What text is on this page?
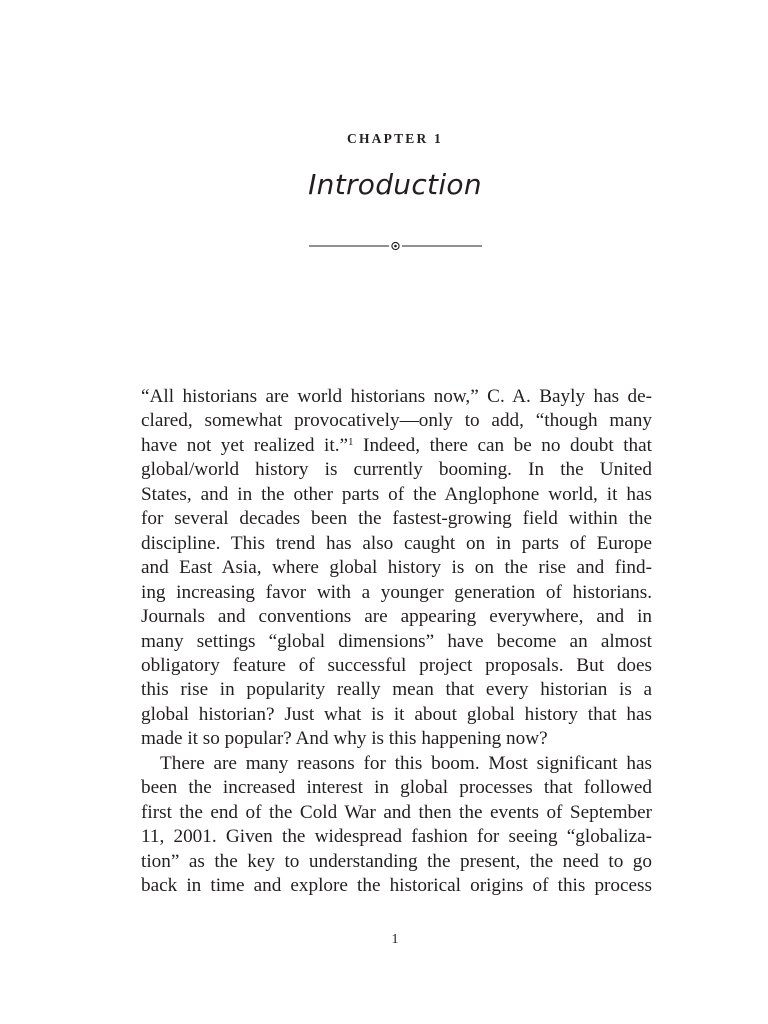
CHAPTER 1
Introduction

“All historians are world historians now,” C. A. Bayly has de-
clared, somewhat provocatively—only to add, “though many
have not yet realized it.”$^1$ Indeed, there can be no doubt that
global/world history is currently booming. In the United
States, and in the other parts of the Anglophone world, it has
for several decades been the fastest-growing field within the
discipline. This trend has also caught on in parts of Europe
and East Asia, where global history is on the rise and find-
ing increasing favor with a younger generation of historians.
Journals and conventions are appearing everywhere, and in
many settings “global dimensions” have become an almost
obligatory feature of successful project proposals. But does
this rise in popularity really mean that every historian is a
global historian? Just what is it about global history that has
made it so popular? And why is this happening now?

There are many reasons for this boom. Most significant has
been the increased interest in global processes that followed
first the end of the Cold War and then the events of September
11, 2001. Given the widespread fashion for seeing “globaliza-
tion” as the key to understanding the present, the need to go
back in time and explore the historical origins of this process

1
